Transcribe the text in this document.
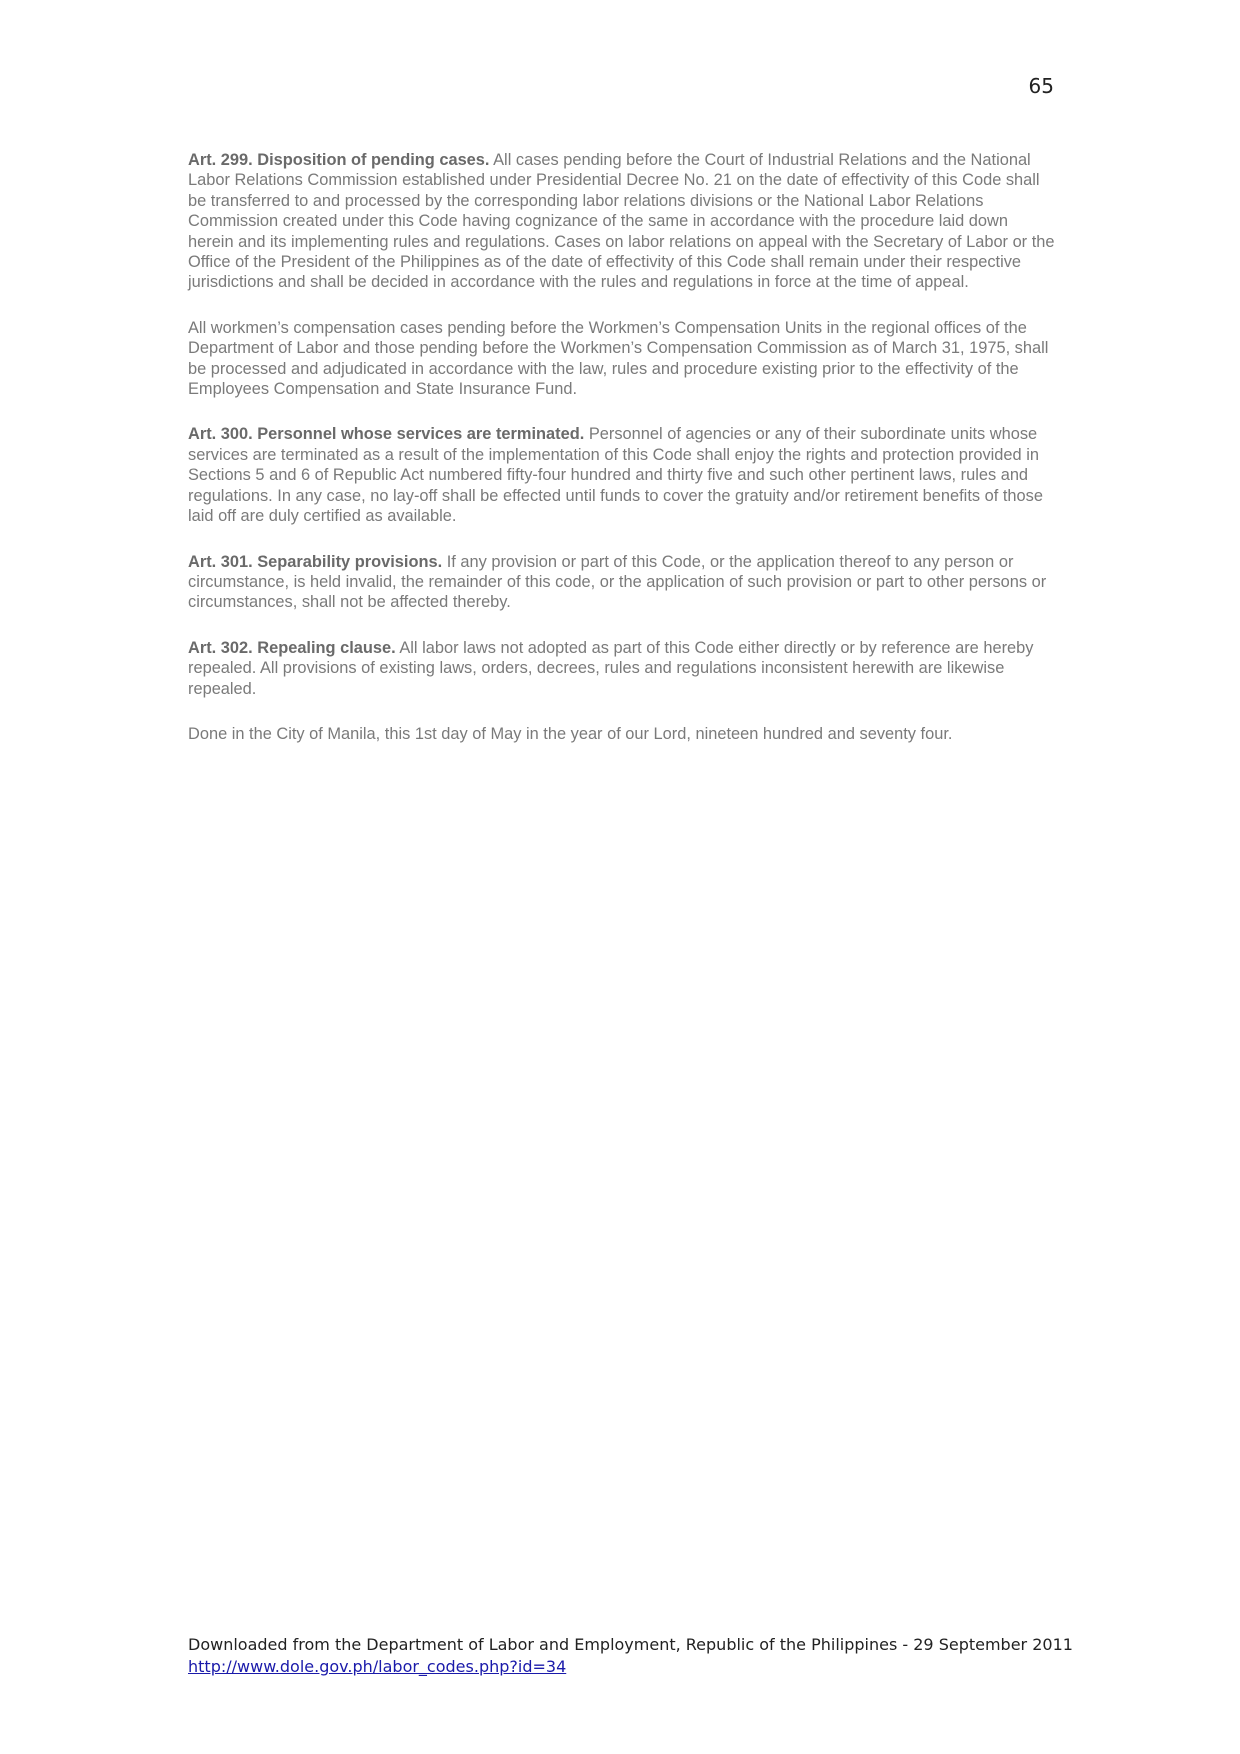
65

Art. 299. Disposition of pending cases. All cases pending before the Court of Industrial Relations and the National Labor Relations Commission established under Presidential Decree No. 21 on the date of effectivity of this Code shall be transferred to and processed by the corresponding labor relations divisions or the National Labor Relations Commission created under this Code having cognizance of the same in accordance with the procedure laid down herein and its implementing rules and regulations. Cases on labor relations on appeal with the Secretary of Labor or the Office of the President of the Philippines as of the date of effectivity of this Code shall remain under their respective jurisdictions and shall be decided in accordance with the rules and regulations in force at the time of appeal.

All workmen’s compensation cases pending before the Workmen’s Compensation Units in the regional offices of the Department of Labor and those pending before the Workmen’s Compensation Commission as of March 31, 1975, shall be processed and adjudicated in accordance with the law, rules and procedure existing prior to the effectivity of the Employees Compensation and State Insurance Fund.

Art. 300. Personnel whose services are terminated. Personnel of agencies or any of their subordinate units whose services are terminated as a result of the implementation of this Code shall enjoy the rights and protection provided in Sections 5 and 6 of Republic Act numbered fifty-four hundred and thirty five and such other pertinent laws, rules and regulations. In any case, no lay-off shall be effected until funds to cover the gratuity and/or retirement benefits of those laid off are duly certified as available.

Art. 301. Separability provisions. If any provision or part of this Code, or the application thereof to any person or circumstance, is held invalid, the remainder of this code, or the application of such provision or part to other persons or circumstances, shall not be affected thereby.

Art. 302. Repealing clause. All labor laws not adopted as part of this Code either directly or by reference are hereby repealed. All provisions of existing laws, orders, decrees, rules and regulations inconsistent herewith are likewise repealed.

Done in the City of Manila, this 1st day of May in the year of our Lord, nineteen hundred and seventy four.

Downloaded from the Department of Labor and Employment, Republic of the Philippines - 29 September 2011
http://www.dole.gov.ph/labor_codes.php?id=34
